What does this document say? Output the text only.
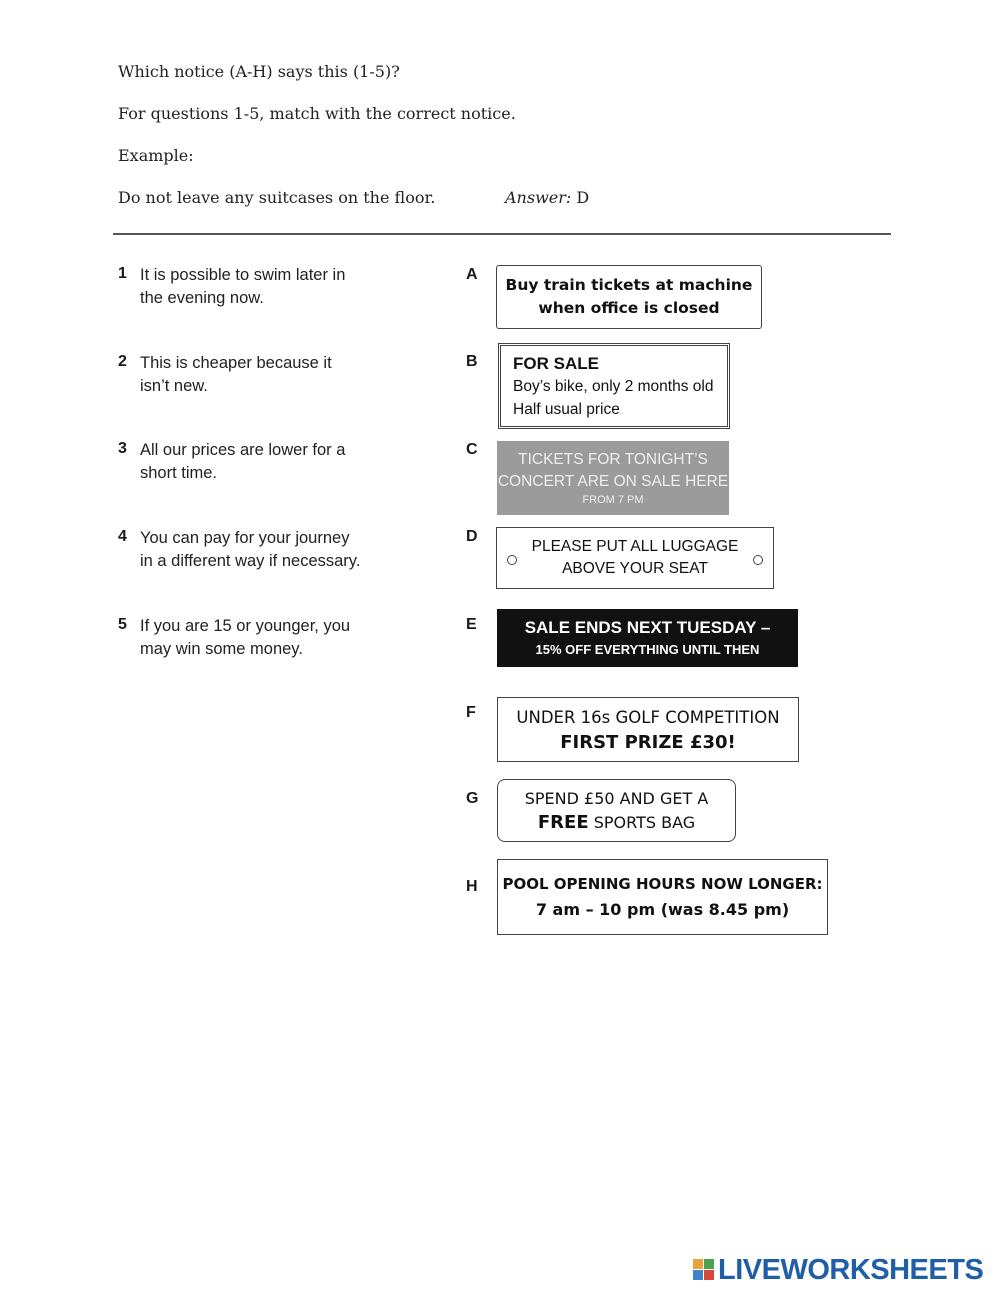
Which notice (A-H) says this (1-5)?
For questions 1-5, match with the correct notice.
Example:
Do not leave any suitcases on the floor.	Answer: D
1 It is possible to swim later in
the evening now.
2 This is cheaper because it
isn’t new.
3 All our prices are lower for a
short time.
4 You can pay for your journey
in a different way if necessary.
5 If you are 15 or younger, you
may win some money.
A
B
C
D
E
F
G
H
Buy train tickets at machine
when office is closed
FOR SALE
Boy’s bike, only 2 months old
Half usual price
TICKETS FOR TONIGHT’S
CONCERT ARE ON SALE HERE
FROM 7 PM
PLEASE PUT ALL LUGGAGE
ABOVE YOUR SEAT
SALE ENDS NEXT TUESDAY –
15% OFF EVERYTHING UNTIL THEN
UNDER 16s GOLF COMPETITION
FIRST PRIZE £30!
SPEND £50 AND GET A
FREE SPORTS BAG
POOL OPENING HOURS NOW LONGER:
7 am – 10 pm (was 8.45 pm)
LIVEWORKSHEETS
